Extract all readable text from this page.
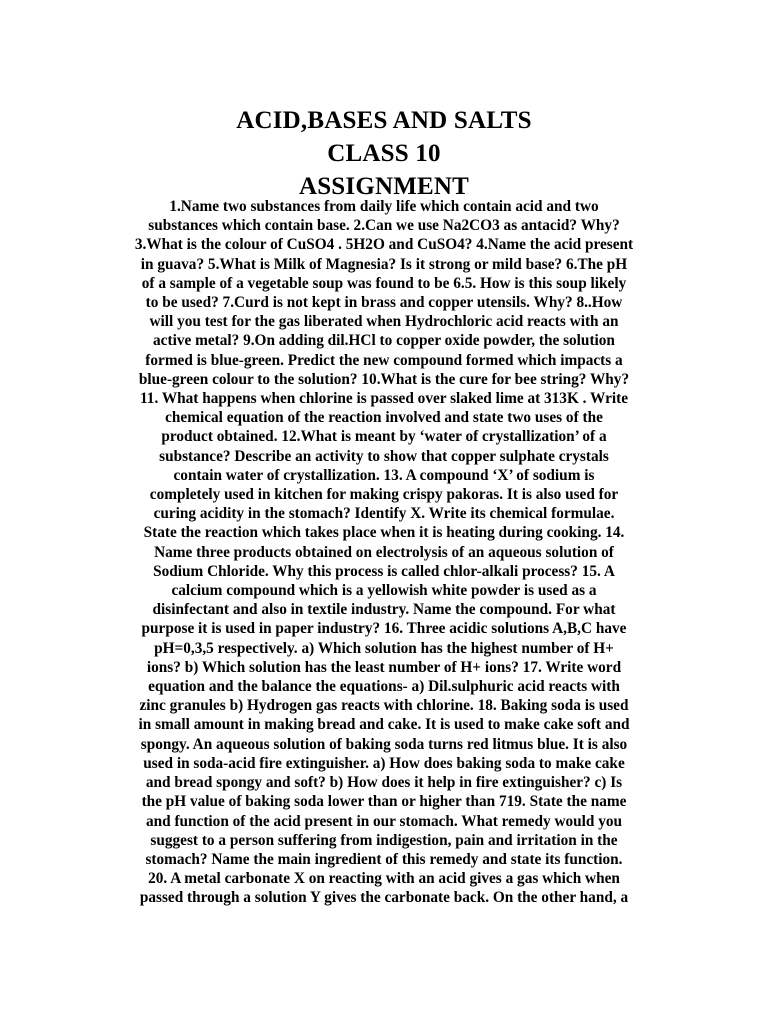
ACID,BASES AND SALTS
CLASS 10
ASSIGNMENT
1.Name two substances from daily life which contain acid and two
substances which contain base. 2.Can we use Na2CO3 as antacid? Why?
3.What is the colour of CuSO4 . 5H2O and CuSO4? 4.Name the acid present
in guava? 5.What is Milk of Magnesia? Is it strong or mild base? 6.The pH
of a sample of a vegetable soup was found to be 6.5. How is this soup likely
to be used? 7.Curd is not kept in brass and copper utensils. Why? 8..How
will you test for the gas liberated when Hydrochloric acid reacts with an
active metal? 9.On adding dil.HCl to copper oxide powder, the solution
formed is blue-green. Predict the new compound formed which impacts a
blue-green colour to the solution? 10.What is the cure for bee string? Why?
11. What happens when chlorine is passed over slaked lime at 313K . Write
chemical equation of the reaction involved and state two uses of the
product obtained. 12.What is meant by ‘water of crystallization’ of a
substance? Describe an activity to show that copper sulphate crystals
contain water of crystallization. 13. A compound ‘X’ of sodium is
completely used in kitchen for making crispy pakoras. It is also used for
curing acidity in the stomach? Identify X. Write its chemical formulae.
State the reaction which takes place when it is heating during cooking. 14.
Name three products obtained on electrolysis of an aqueous solution of
Sodium Chloride. Why this process is called chlor-alkali process? 15. A
calcium compound which is a yellowish white powder is used as a
disinfectant and also in textile industry. Name the compound. For what
purpose it is used in paper industry? 16. Three acidic solutions A,B,C have
pH=0,3,5 respectively. a) Which solution has the highest number of H+
ions? b) Which solution has the least number of H+ ions? 17. Write word
equation and the balance the equations- a) Dil.sulphuric acid reacts with
zinc granules b) Hydrogen gas reacts with chlorine. 18. Baking soda is used
in small amount in making bread and cake. It is used to make cake soft and
spongy. An aqueous solution of baking soda turns red litmus blue. It is also
used in soda-acid fire extinguisher. a) How does baking soda to make cake
and bread spongy and soft? b) How does it help in fire extinguisher? c) Is
the pH value of baking soda lower than or higher than 719. State the name
and function of the acid present in our stomach. What remedy would you
suggest to a person suffering from indigestion, pain and irritation in the
stomach? Name the main ingredient of this remedy and state its function.
20. A metal carbonate X on reacting with an acid gives a gas which when
passed through a solution Y gives the carbonate back. On the other hand, a
